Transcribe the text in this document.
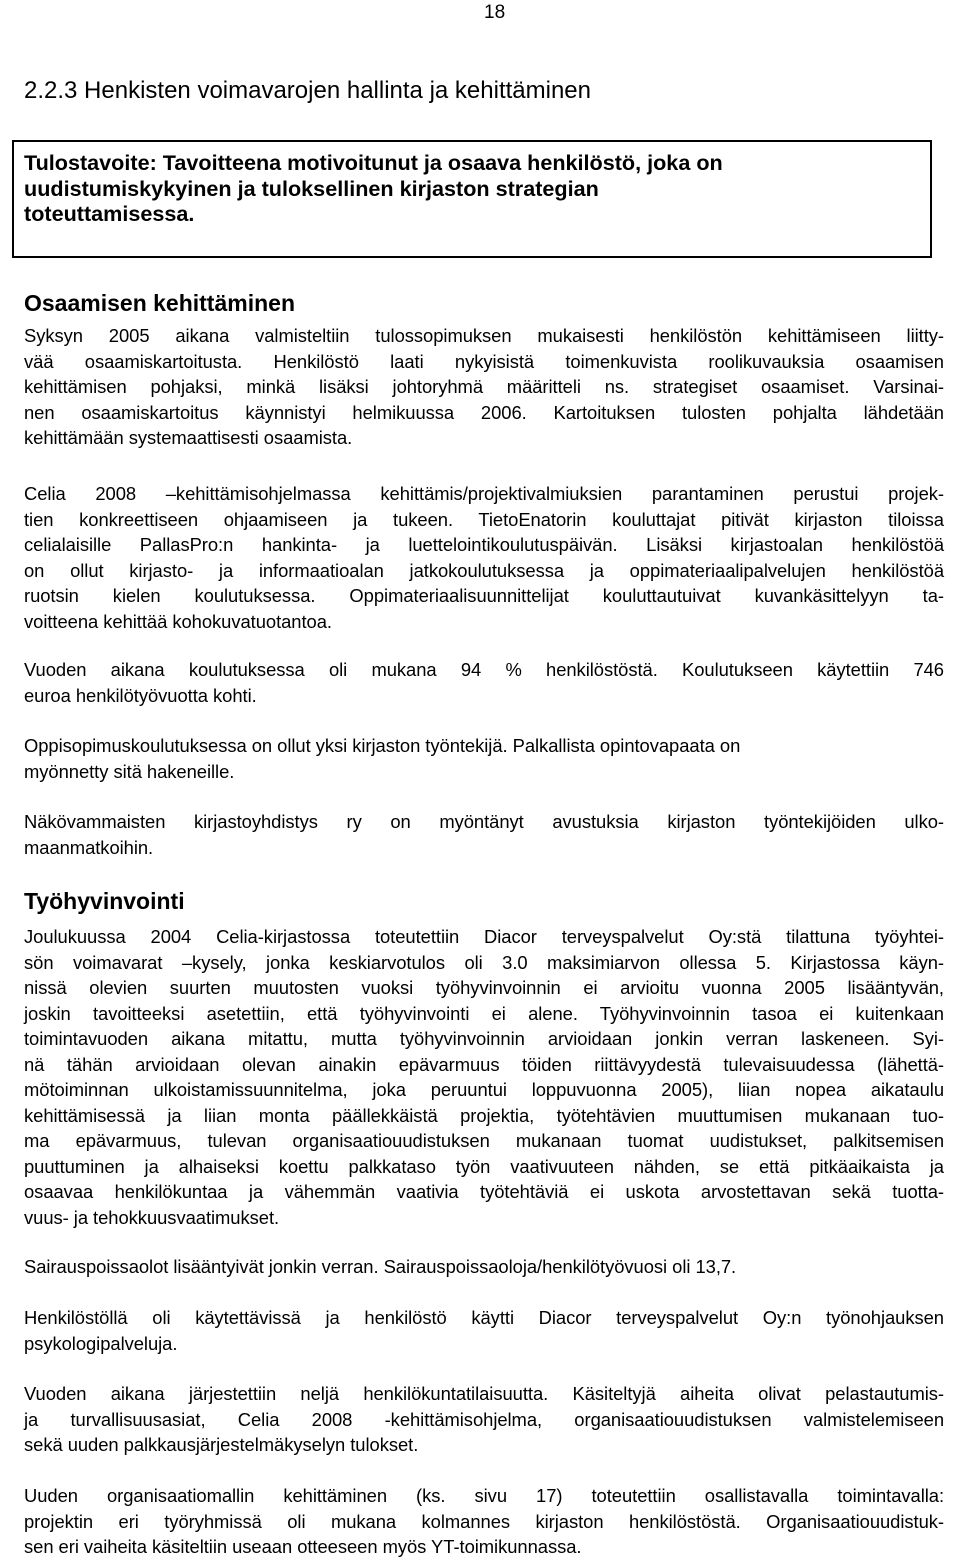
18
2.2.3 Henkisten voimavarojen hallinta ja kehittäminen

Tulostavoite: Tavoitteena motivoitunut ja osaava henkilöstö, joka on
uudistumiskykyinen ja tuloksellinen kirjaston strategian
toteuttamisessa.

Osaamisen kehittäminen

Syksyn 2005 aikana valmisteltiin tulossopimuksen mukaisesti henkilöstön kehittämiseen liitty-
vää osaamiskartoitusta. Henkilöstö laati nykyisistä toimenkuvista roolikuvauksia osaamisen
kehittämisen pohjaksi, minkä lisäksi johtoryhmä määritteli ns. strategiset osaamiset. Varsinai-
nen osaamiskartoitus käynnistyi helmikuussa 2006. Kartoituksen tulosten pohjalta lähdetään
kehittämään systemaattisesti osaamista.

Celia 2008 –kehittämisohjelmassa kehittämis/projektivalmiuksien parantaminen perustui projek-
tien konkreettiseen ohjaamiseen ja tukeen. TietoEnatorin kouluttajat pitivät kirjaston tiloissa
celialaisille PallasPro:n hankinta- ja luettelointikoulutuspäivän. Lisäksi kirjastoalan henkilöstöä
on ollut kirjasto- ja informaatioalan jatkokoulutuksessa ja oppimateriaalipalvelujen henkilöstöä
ruotsin kielen koulutuksessa. Oppimateriaalisuunnittelijat kouluttautuivat kuvankäsittelyyn ta-
voitteena kehittää kohokuvatuotantoa.

Vuoden aikana koulutuksessa oli mukana 94 % henkilöstöstä. Koulutukseen käytettiin 746
euroa henkilötyövuotta kohti.

Oppisopimuskoulutuksessa on ollut yksi kirjaston työntekijä. Palkallista opintovapaata on
myönnetty sitä hakeneille.

Näkövammaisten kirjastoyhdistys ry on myöntänyt avustuksia kirjaston työntekijöiden ulko-
maanmatkoihin.

Työhyvinvointi

Joulukuussa 2004 Celia-kirjastossa toteutettiin Diacor terveyspalvelut Oy:stä tilattuna työyhtei-
sön voimavarat –kysely, jonka keskiarvotulos oli 3.0 maksimiarvon ollessa 5. Kirjastossa käyn-
nissä olevien suurten muutosten vuoksi työhyvinvoinnin ei arvioitu vuonna 2005 lisääntyvän,
joskin tavoitteeksi asetettiin, että työhyvinvointi ei alene. Työhyvinvoinnin tasoa ei kuitenkaan
toimintavuoden aikana mitattu, mutta työhyvinvoinnin arvioidaan jonkin verran laskeneen. Syi-
nä tähän arvioidaan olevan ainakin epävarmuus töiden riittävyydestä tulevaisuudessa (lähettä-
mötoiminnan ulkoistamissuunnitelma, joka peruuntui loppuvuonna 2005), liian nopea aikataulu
kehittämisessä ja liian monta päällekkäistä projektia, työtehtävien muuttumisen mukanaan tuo-
ma epävarmuus, tulevan organisaatiouudistuksen mukanaan tuomat uudistukset, palkitsemisen
puuttuminen ja alhaiseksi koettu palkkataso työn vaativuuteen nähden, se että pitkäaikaista ja
osaavaa henkilökuntaa ja vähemmän vaativia työtehtäviä ei uskota arvostettavan sekä tuotta-
vuus- ja tehokkuusvaatimukset.

Sairauspoissaolot lisääntyivät jonkin verran. Sairauspoissaoloja/henkilötyövuosi oli 13,7.

Henkilöstöllä oli käytettävissä ja henkilöstö käytti Diacor terveyspalvelut Oy:n työnohjauksen
psykologipalveluja.

Vuoden aikana järjestettiin neljä henkilökuntatilaisuutta. Käsiteltyjä aiheita olivat pelastautumis-
ja turvallisuusasiat, Celia 2008 -kehittämisohjelma, organisaatiouudistuksen valmistelemiseen
sekä uuden palkkausjärjestelmäkyselyn tulokset.

Uuden organisaatiomallin kehittäminen (ks. sivu 17) toteutettiin osallistavalla toimintavalla:
projektin eri työryhmissä oli mukana kolmannes kirjaston henkilöstöstä. Organisaatiouudistuk-
sen eri vaiheita käsiteltiin useaan otteeseen myös YT-toimikunnassa.
